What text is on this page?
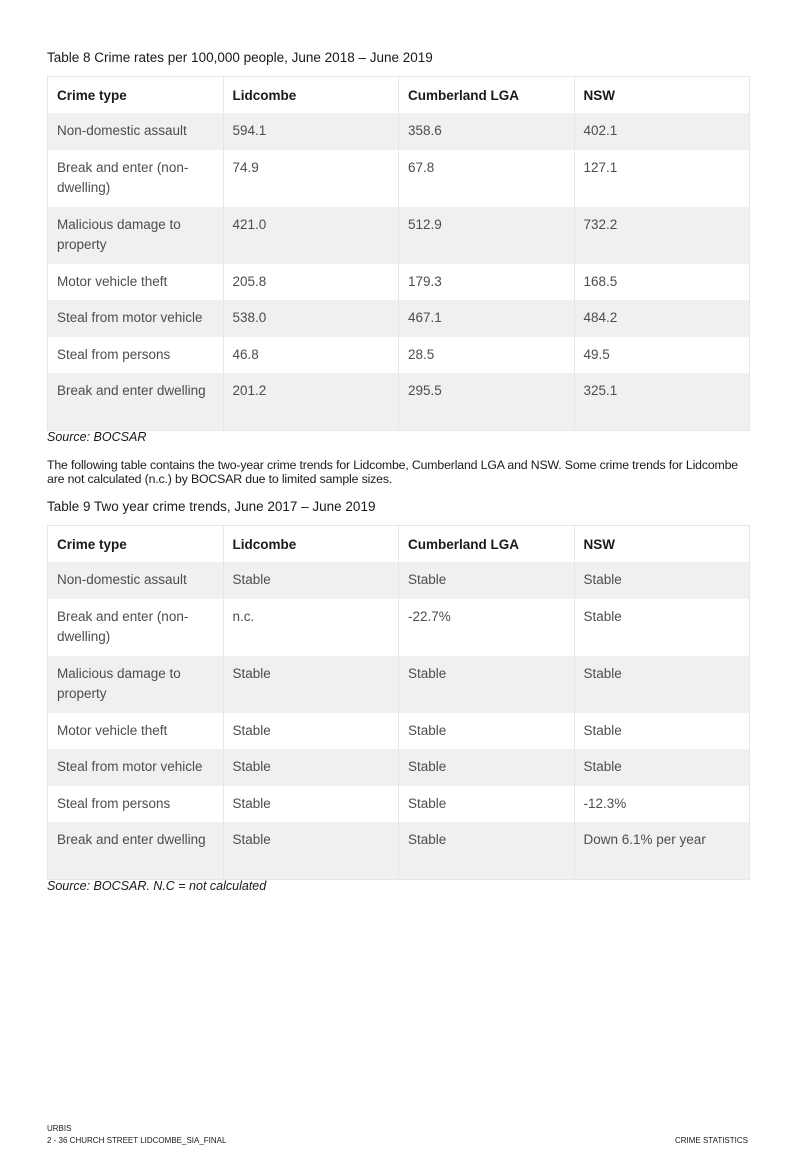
Table 8 Crime rates per 100,000 people, June 2018 – June 2019

Crime type	Lidcombe	Cumberland LGA	NSW
Non-domestic assault	594.1	358.6	402.1
Break and enter (non-dwelling)	74.9	67.8	127.1
Malicious damage to property	421.0	512.9	732.2
Motor vehicle theft	205.8	179.3	168.5
Steal from motor vehicle	538.0	467.1	484.2
Steal from persons	46.8	28.5	49.5
Break and enter dwelling	201.2	295.5	325.1

Source: BOCSAR

The following table contains the two-year crime trends for Lidcombe, Cumberland LGA and NSW. Some crime trends for Lidcombe are not calculated (n.c.) by BOCSAR due to limited sample sizes.

Table 9 Two year crime trends, June 2017 – June 2019

Crime type	Lidcombe	Cumberland LGA	NSW
Non-domestic assault	Stable	Stable	Stable
Break and enter (non-dwelling)	n.c.	-22.7%	Stable
Malicious damage to property	Stable	Stable	Stable
Motor vehicle theft	Stable	Stable	Stable
Steal from motor vehicle	Stable	Stable	Stable
Steal from persons	Stable	Stable	-12.3%
Break and enter dwelling	Stable	Stable	Down 6.1% per year

Source: BOCSAR. N.C = not calculated

URBIS
2 - 36 CHURCH STREET LIDCOMBE_SIA_FINAL	CRIME STATISTICS
